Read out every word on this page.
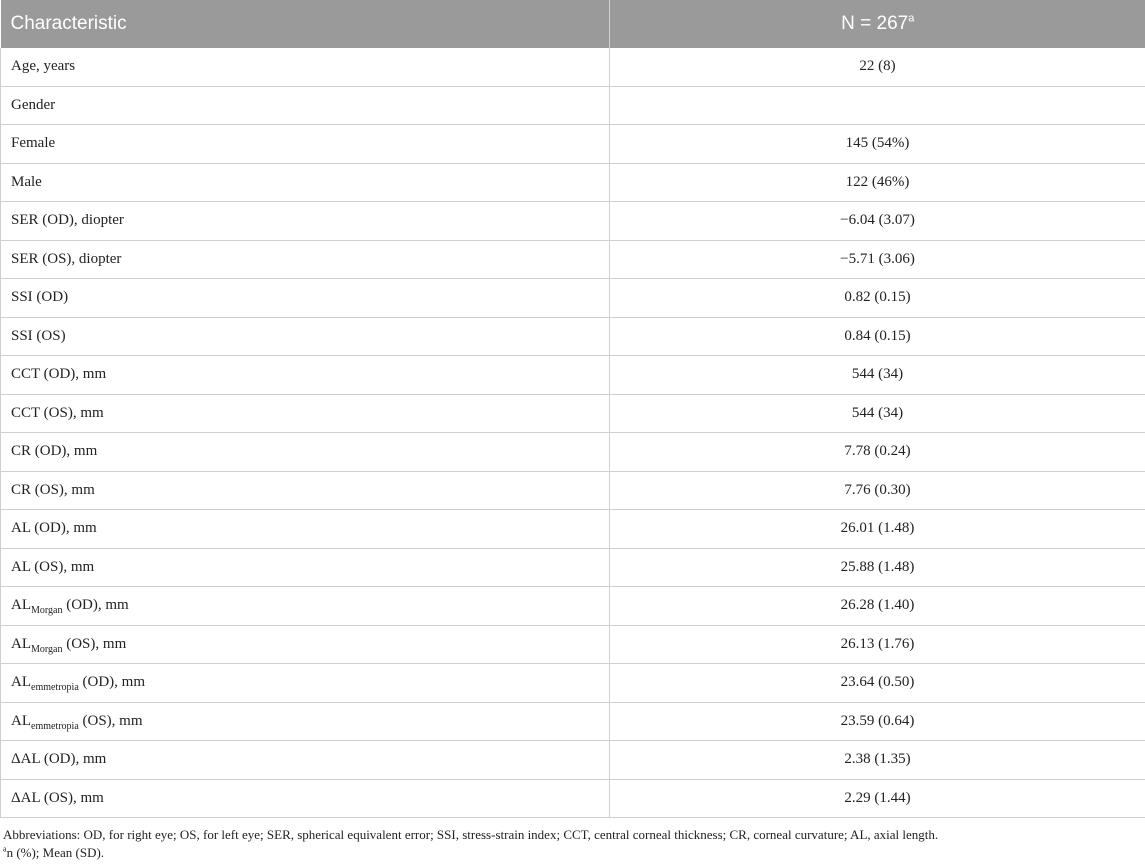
Characteristic	$N = 267^a$
Age, years	22 (8)
Gender	
Female	145 (54%)
Male	122 (46%)
SER (OD), diopter	−6.04 (3.07)
SER (OS), diopter	−5.71 (3.06)
SSI (OD)	0.82 (0.15)
SSI (OS)	0.84 (0.15)
CCT (OD), mm	544 (34)
CCT (OS), mm	544 (34)
CR (OD), mm	7.78 (0.24)
CR (OS), mm	7.76 (0.30)
AL (OD), mm	26.01 (1.48)
AL (OS), mm	25.88 (1.48)
$AL_{Morgan}$ (OD), mm	26.28 (1.40)
$AL_{Morgan}$ (OS), mm	26.13 (1.76)
$AL_{emmetropia}$ (OD), mm	23.64 (0.50)
$AL_{emmetropia}$ (OS), mm	23.59 (0.64)
ΔAL (OD), mm	2.38 (1.35)
ΔAL (OS), mm	2.29 (1.44)
Abbreviations: OD, for right eye; OS, for left eye; SER, spherical equivalent error; SSI, stress-strain index; CCT, central corneal thickness; CR, corneal curvature; AL, axial length.
$^a$n (%); Mean (SD).
